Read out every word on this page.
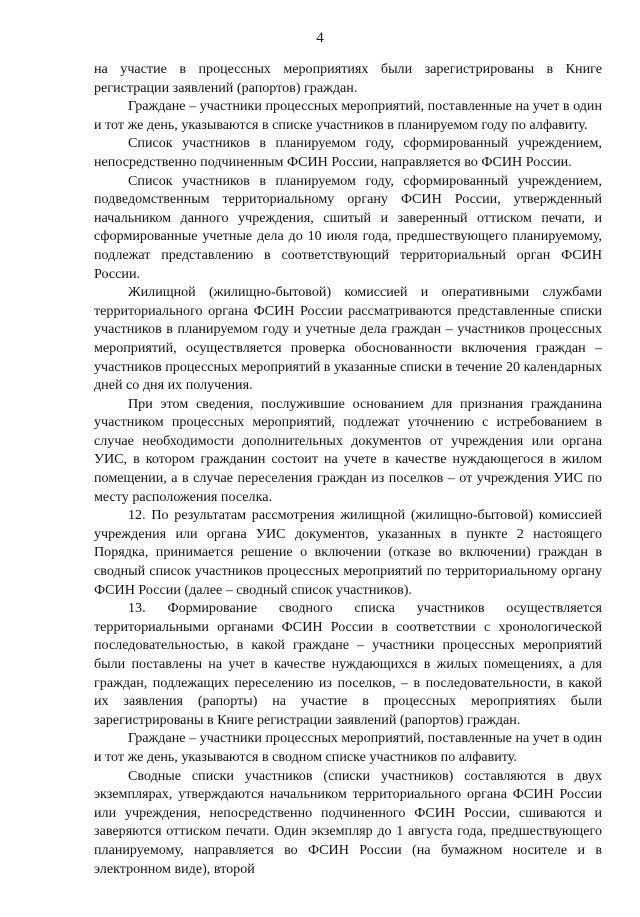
4

на участие в процессных мероприятиях были зарегистрированы в Книге регистрации заявлений (рапортов) граждан.

Граждане – участники процессных мероприятий, поставленные на учет в один и тот же день, указываются в списке участников в планируемом году по алфавиту.

Список участников в планируемом году, сформированный учреждением, непосредственно подчиненным ФСИН России, направляется во ФСИН России.

Список участников в планируемом году, сформированный учреждением, подведомственным территориальному органу ФСИН России, утвержденный начальником данного учреждения, сшитый и заверенный оттиском печати, и сформированные учетные дела до 10 июля года, предшествующего планируемому, подлежат представлению в соответствующий территориальный орган ФСИН России.

Жилищной (жилищно-бытовой) комиссией и оперативными службами территориального органа ФСИН России рассматриваются представленные списки участников в планируемом году и учетные дела граждан – участников процессных мероприятий, осуществляется проверка обоснованности включения граждан – участников процессных мероприятий в указанные списки в течение 20 календарных дней со дня их получения.

При этом сведения, послужившие основанием для признания гражданина участником процессных мероприятий, подлежат уточнению с истребованием в случае необходимости дополнительных документов от учреждения или органа УИС, в котором гражданин состоит на учете в качестве нуждающегося в жилом помещении, а в случае переселения граждан из поселков – от учреждения УИС по месту расположения поселка.

12. По результатам рассмотрения жилищной (жилищно-бытовой) комиссией учреждения или органа УИС документов, указанных в пункте 2 настоящего Порядка, принимается решение о включении (отказе во включении) граждан в сводный список участников процессных мероприятий по территориальному органу ФСИН России (далее – сводный список участников).

13. Формирование сводного списка участников осуществляется территориальными органами ФСИН России в соответствии с хронологической последовательностью, в какой граждане – участники процессных мероприятий были поставлены на учет в качестве нуждающихся в жилых помещениях, а для граждан, подлежащих переселению из поселков, – в последовательности, в какой их заявления (рапорты) на участие в процессных мероприятиях были зарегистрированы в Книге регистрации заявлений (рапортов) граждан.

Граждане – участники процессных мероприятий, поставленные на учет в один и тот же день, указываются в сводном списке участников по алфавиту.

Сводные списки участников (списки участников) составляются в двух экземплярах, утверждаются начальником территориального органа ФСИН России или учреждения, непосредственно подчиненного ФСИН России, сшиваются и заверяются оттиском печати. Один экземпляр до 1 августа года, предшествующего планируемому, направляется во ФСИН России (на бумажном носителе и в электронном виде), второй
